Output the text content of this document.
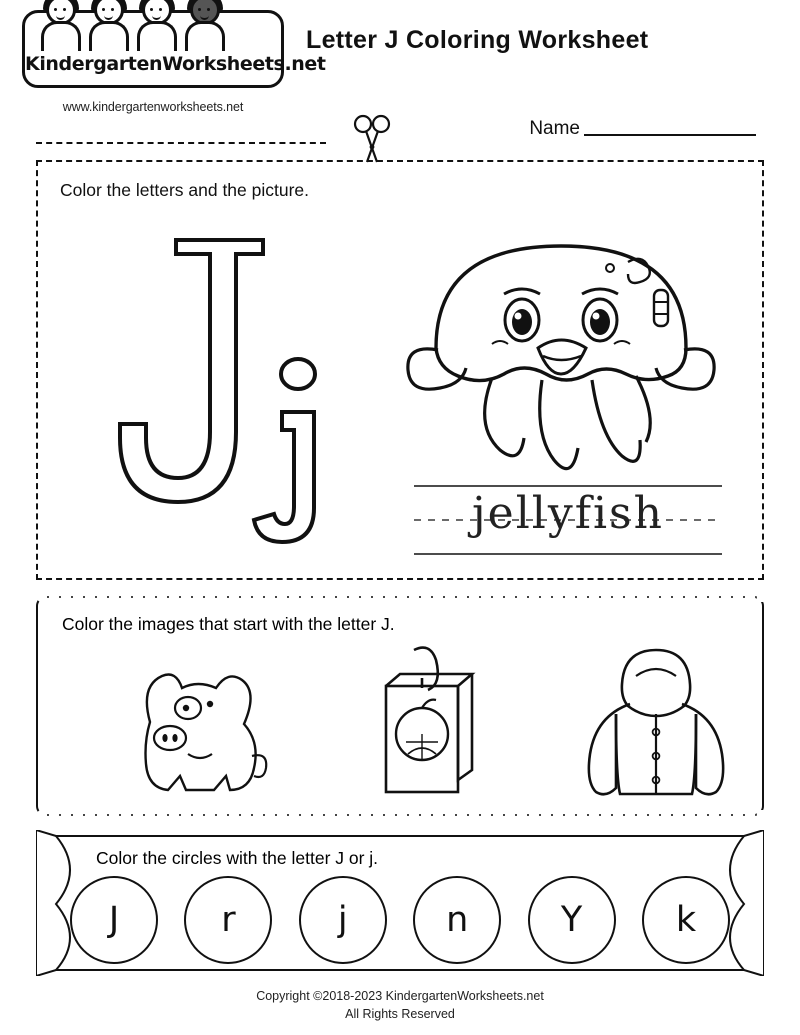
KindergartenWorksheets.net
www.kindergartenworksheets.net
Letter J Coloring Worksheet
Name
Color the letters and the picture.
jellyfish
Color the images that start with the letter J.
Color the circles with the letter J or j.
J	r	j	n	Y	k
Copyright ©2018-2023 KindergartenWorksheets.net
All Rights Reserved
